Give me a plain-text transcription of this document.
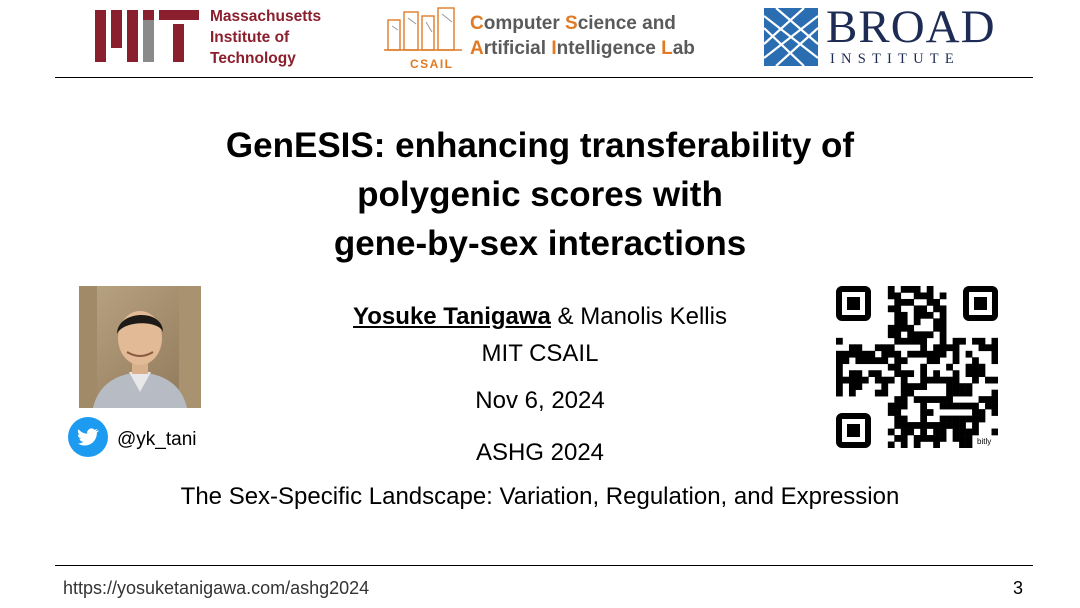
Massachusetts
Institute of
Technology	CSAIL
Computer Science and
Artificial Intelligence Lab	BROAD
INSTITUTE
GenESIS: enhancing transferability of
polygenic scores with
gene-by-sex interactions
@yk_tani
Yosuke Tanigawa & Manolis Kellis
MIT CSAIL
Nov 6, 2024
ASHG 2024
The Sex-Specific Landscape: Variation, Regulation, and Expression
bitly
https://yosuketanigawa.com/ashg2024	3
